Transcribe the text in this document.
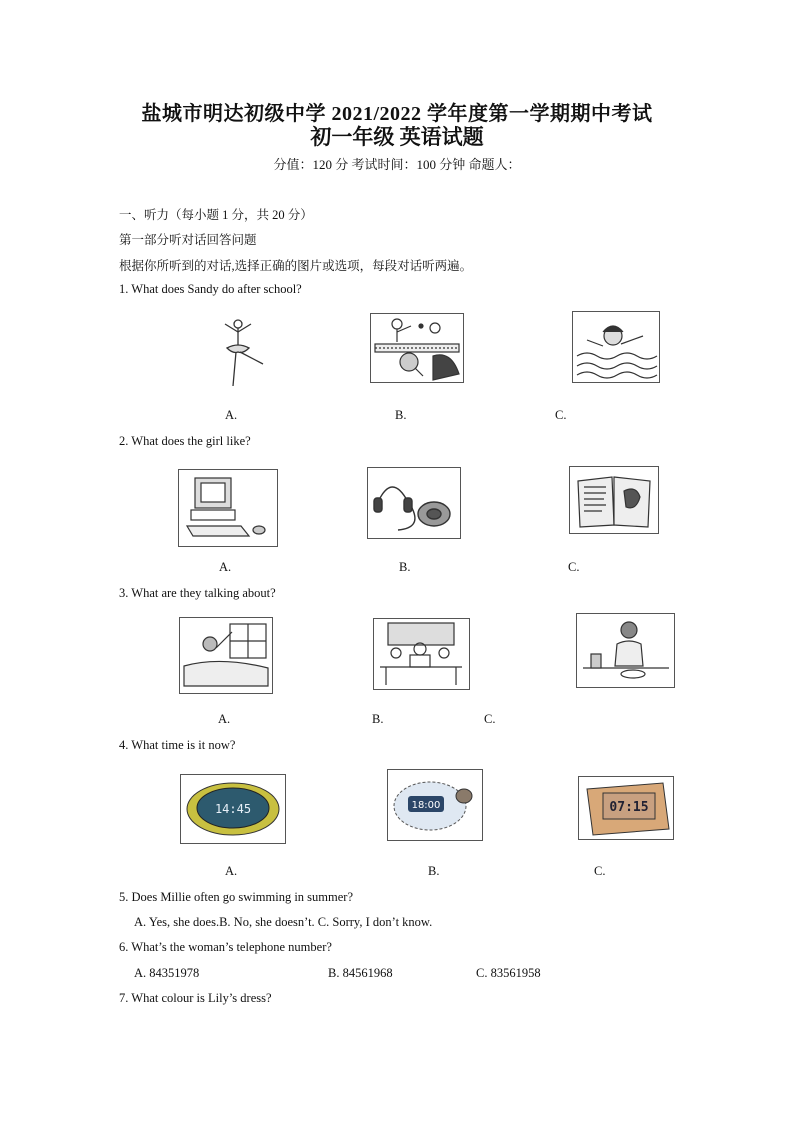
盐城市明达初级中学 2021/2022 学年度第一学期期中考试
初一年级 英语试题
分值：120 分 考试时间：100 分钟 命题人：
一、听力（每小题 1 分，共 20 分）
第一部分听对话回答问题
根据你所听到的对话,选择正确的图片或选项，每段对话听两遍。
1. What does Sandy do after school?
A.	B.	C.
2. What does the girl like?
A.	B.	C.
3. What are they talking about?
A.	B.	C.
4. What time is it now?
14:45	18:00	07:15
A.	B.	C.
5. Does Millie often go swimming in summer?
A. Yes, she does.B. No, she doesn’t. C. Sorry, I don’t know.
6. What’s the woman’s telephone number?
A. 84351978	B. 84561968	C. 83561958
7. What colour is Lily’s dress?
